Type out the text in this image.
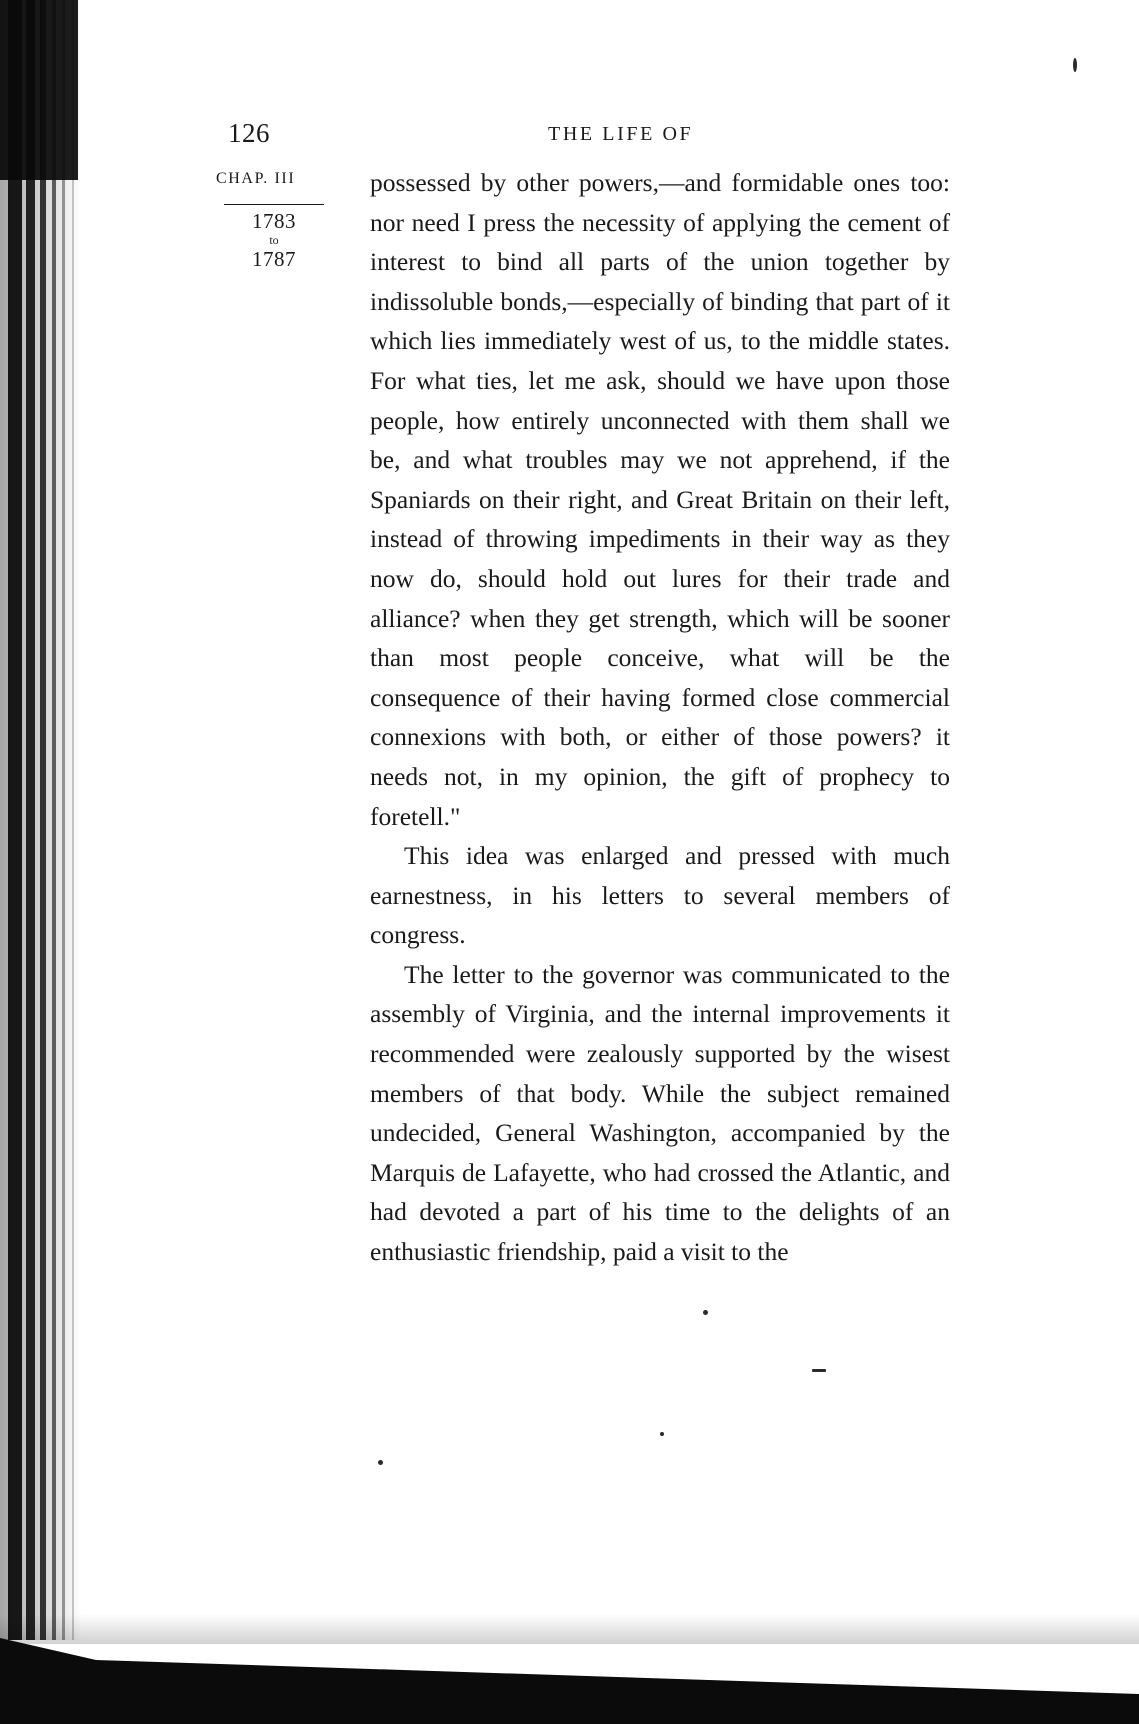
126	THE LIFE OF
CHAP. III
1783
to
1787

possessed by other powers,—and formidable ones too: nor need I press the necessity of applying the cement of interest to bind all parts of the union together by indissoluble bonds,—especially of binding that part of it which lies immediately west of us, to the middle states. For what ties, let me ask, should we have upon those people, how entirely unconnected with them shall we be, and what troubles may we not apprehend, if the Spaniards on their right, and Great Britain on their left, instead of throwing impediments in their way as they now do, should hold out lures for their trade and alliance? when they get strength, which will be sooner than most people conceive, what will be the consequence of their having formed close commercial connexions with both, or either of those powers? it needs not, in my opinion, the gift of prophecy to foretell."

This idea was enlarged and pressed with much earnestness, in his letters to several members of congress.

The letter to the governor was communicated to the assembly of Virginia, and the internal improvements it recommended were zealously supported by the wisest members of that body. While the subject remained undecided, General Washington, accompanied by the Marquis de Lafayette, who had crossed the Atlantic, and had devoted a part of his time to the delights of an enthusiastic friendship, paid a visit to the
